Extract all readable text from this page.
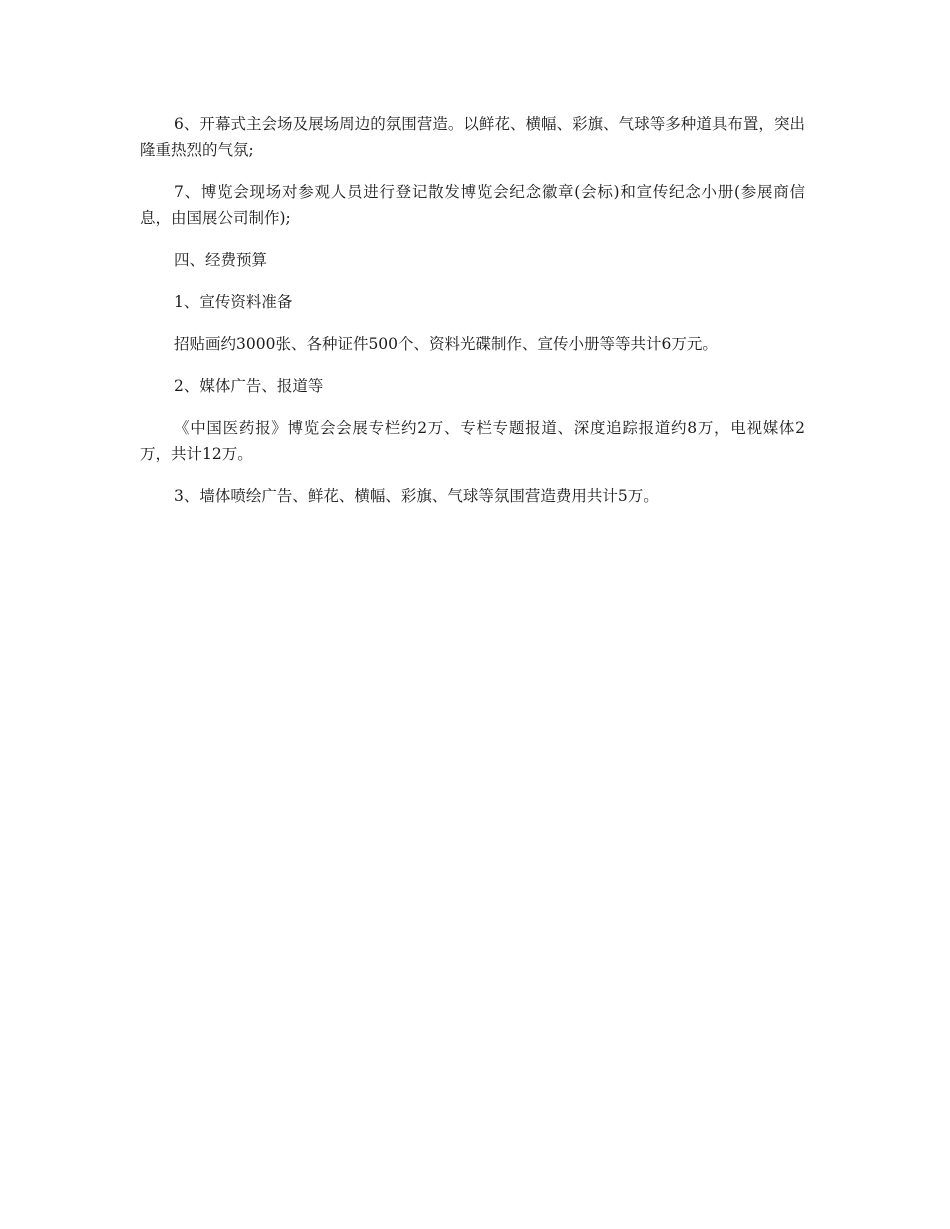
6、开幕式主会场及展场周边的氛围营造。以鲜花、横幅、彩旗、气球等多种道具布置，突出隆重热烈的气氛;

7、博览会现场对参观人员进行登记散发博览会纪念徽章(会标)和宣传纪念小册(参展商信息，由国展公司制作);

四、经费预算

1、宣传资料准备

招贴画约3000张、各种证件500个、资料光碟制作、宣传小册等等共计6万元。

2、媒体广告、报道等

《中国医药报》博览会会展专栏约2万、专栏专题报道、深度追踪报道约8万，电视媒体2万，共计12万。

3、墙体喷绘广告、鲜花、横幅、彩旗、气球等氛围营造费用共计5万。
